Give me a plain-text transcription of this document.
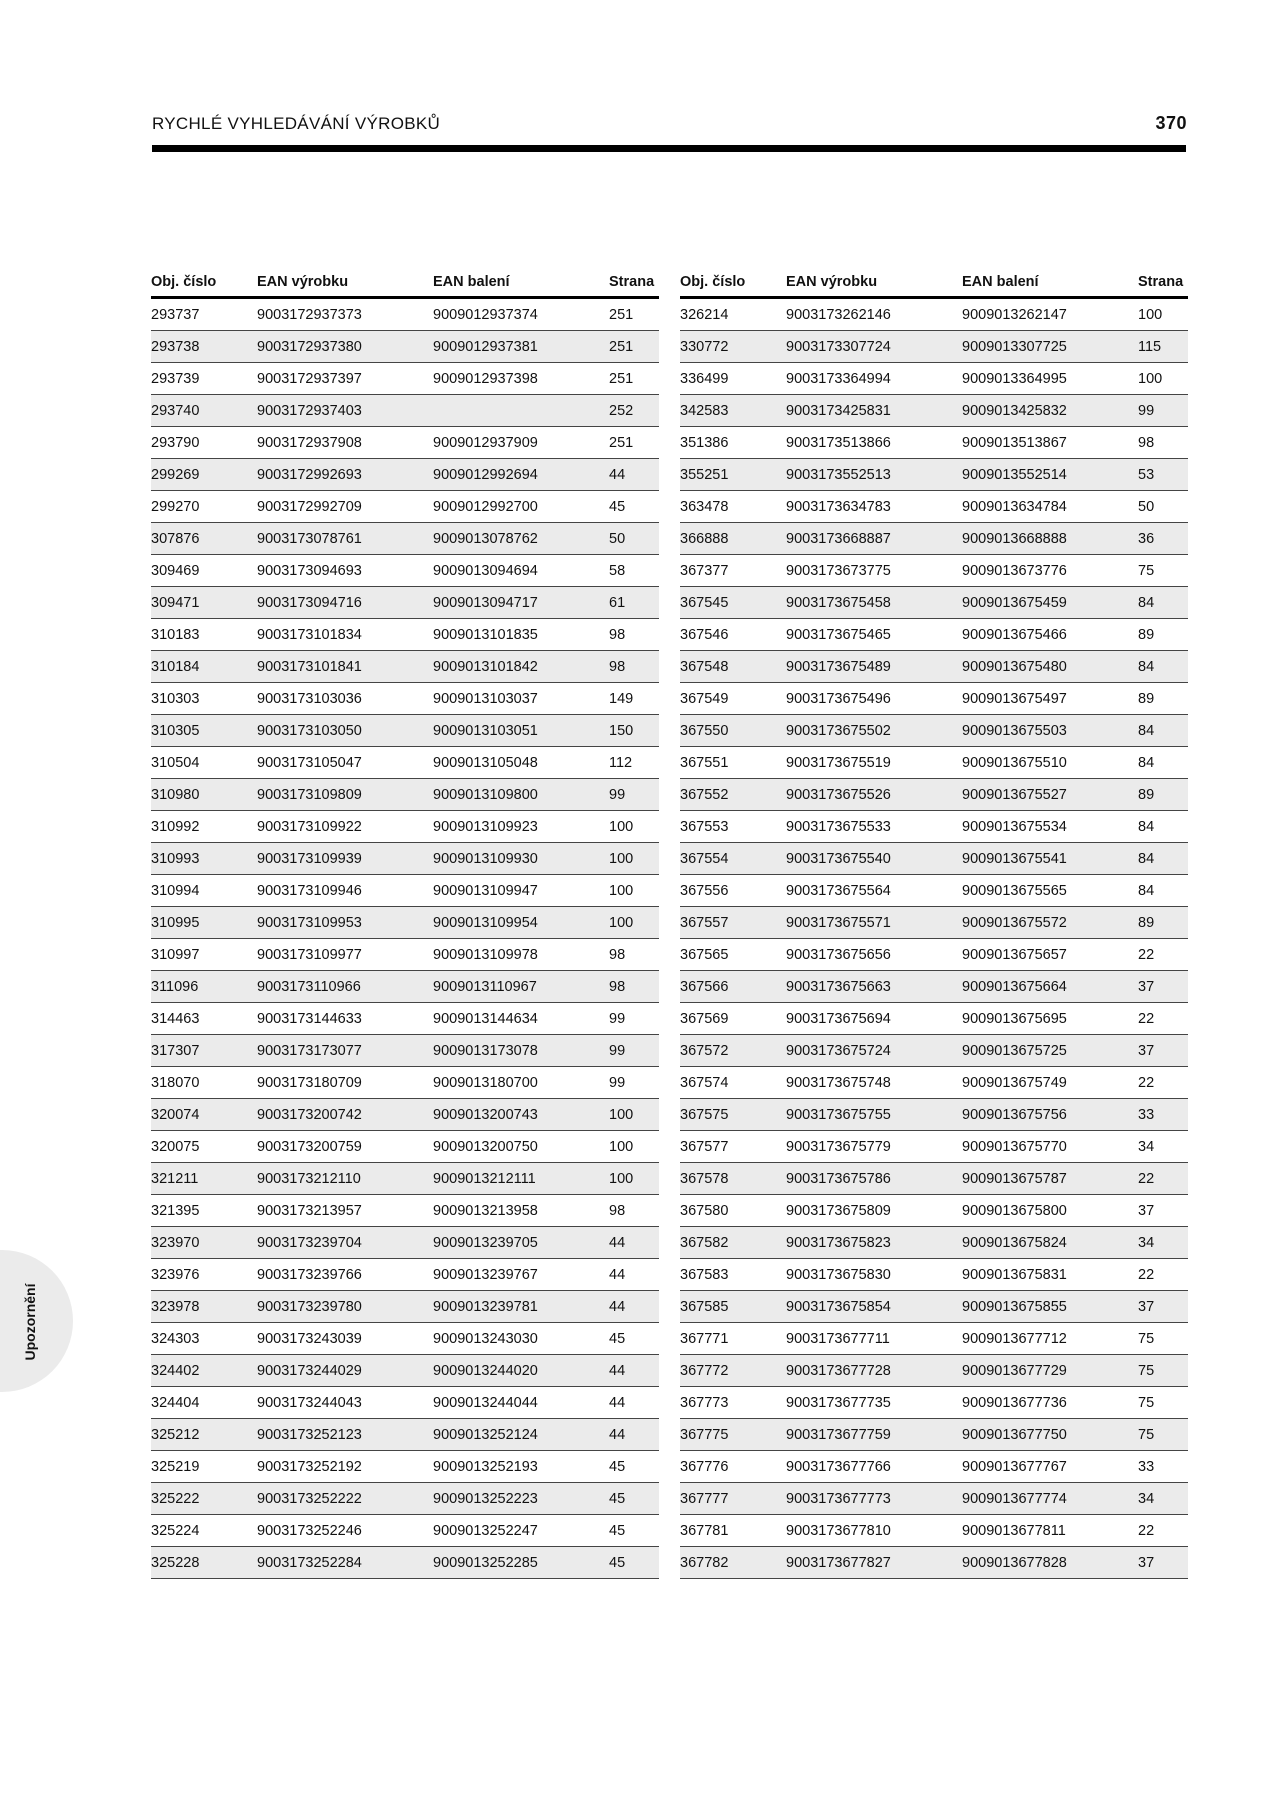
RYCHLÉ VYHLEDÁVÁNÍ VÝROBKŮ	370
Obj. číslo	EAN výrobku	EAN balení	Strana
293737	9003172937373	9009012937374	251
293738	9003172937380	9009012937381	251
293739	9003172937397	9009012937398	251
293740	9003172937403		252
293790	9003172937908	9009012937909	251
299269	9003172992693	9009012992694	44
299270	9003172992709	9009012992700	45
307876	9003173078761	9009013078762	50
309469	9003173094693	9009013094694	58
309471	9003173094716	9009013094717	61
310183	9003173101834	9009013101835	98
310184	9003173101841	9009013101842	98
310303	9003173103036	9009013103037	149
310305	9003173103050	9009013103051	150
310504	9003173105047	9009013105048	112
310980	9003173109809	9009013109800	99
310992	9003173109922	9009013109923	100
310993	9003173109939	9009013109930	100
310994	9003173109946	9009013109947	100
310995	9003173109953	9009013109954	100
310997	9003173109977	9009013109978	98
311096	9003173110966	9009013110967	98
314463	9003173144633	9009013144634	99
317307	9003173173077	9009013173078	99
318070	9003173180709	9009013180700	99
320074	9003173200742	9009013200743	100
320075	9003173200759	9009013200750	100
321211	9003173212110	9009013212111	100
321395	9003173213957	9009013213958	98
323970	9003173239704	9009013239705	44
323976	9003173239766	9009013239767	44
323978	9003173239780	9009013239781	44
324303	9003173243039	9009013243030	45
324402	9003173244029	9009013244020	44
324404	9003173244043	9009013244044	44
325212	9003173252123	9009013252124	44
325219	9003173252192	9009013252193	45
325222	9003173252222	9009013252223	45
325224	9003173252246	9009013252247	45
325228	9003173252284	9009013252285	45
Obj. číslo	EAN výrobku	EAN balení	Strana
326214	9003173262146	9009013262147	100
330772	9003173307724	9009013307725	115
336499	9003173364994	9009013364995	100
342583	9003173425831	9009013425832	99
351386	9003173513866	9009013513867	98
355251	9003173552513	9009013552514	53
363478	9003173634783	9009013634784	50
366888	9003173668887	9009013668888	36
367377	9003173673775	9009013673776	75
367545	9003173675458	9009013675459	84
367546	9003173675465	9009013675466	89
367548	9003173675489	9009013675480	84
367549	9003173675496	9009013675497	89
367550	9003173675502	9009013675503	84
367551	9003173675519	9009013675510	84
367552	9003173675526	9009013675527	89
367553	9003173675533	9009013675534	84
367554	9003173675540	9009013675541	84
367556	9003173675564	9009013675565	84
367557	9003173675571	9009013675572	89
367565	9003173675656	9009013675657	22
367566	9003173675663	9009013675664	37
367569	9003173675694	9009013675695	22
367572	9003173675724	9009013675725	37
367574	9003173675748	9009013675749	22
367575	9003173675755	9009013675756	33
367577	9003173675779	9009013675770	34
367578	9003173675786	9009013675787	22
367580	9003173675809	9009013675800	37
367582	9003173675823	9009013675824	34
367583	9003173675830	9009013675831	22
367585	9003173675854	9009013675855	37
367771	9003173677711	9009013677712	75
367772	9003173677728	9009013677729	75
367773	9003173677735	9009013677736	75
367775	9003173677759	9009013677750	75
367776	9003173677766	9009013677767	33
367777	9003173677773	9009013677774	34
367781	9003173677810	9009013677811	22
367782	9003173677827	9009013677828	37
Upozornění
